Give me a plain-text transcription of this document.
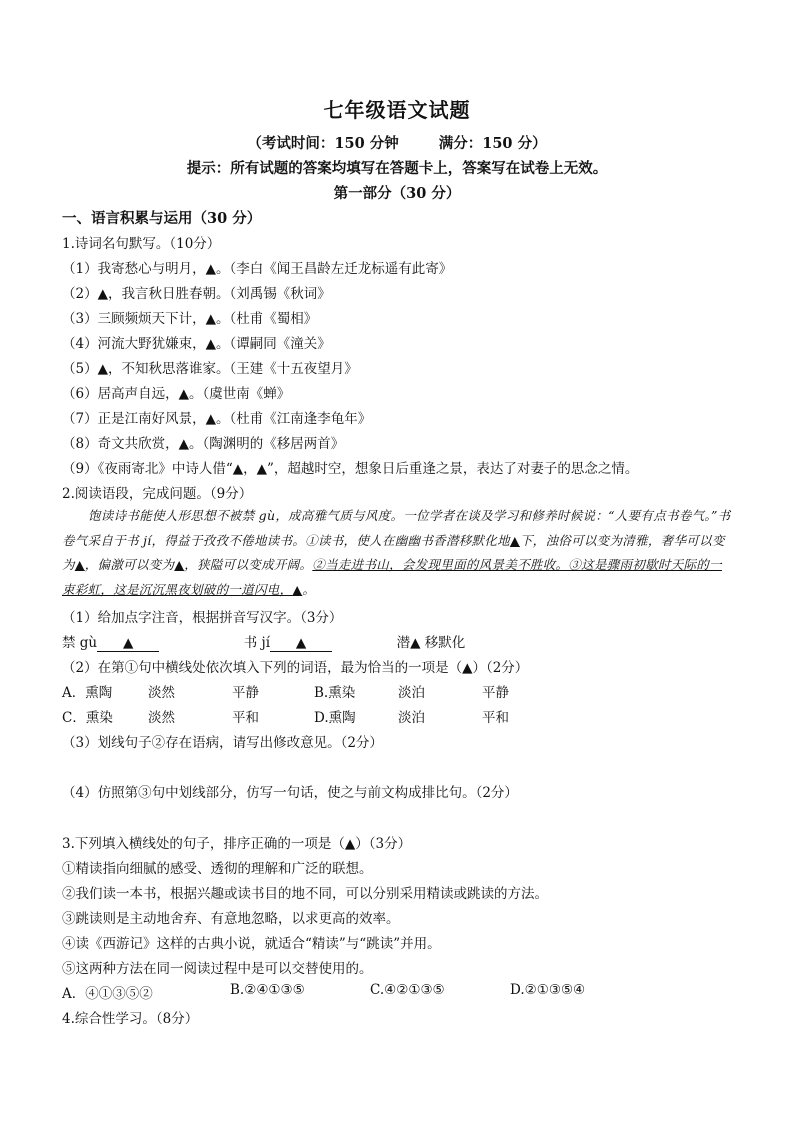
七年级语文试题
（考试时间：150 分钟	满分：150 分）
提示：所有试题的答案均填写在答题卡上，答案写在试卷上无效。
第一部分（30 分）
一、语言积累与运用（30 分）
1.诗词名句默写。（10分）
（1）我寄愁心与明月，▲。（李白《闻王昌龄左迁龙标遥有此寄》
（2）▲，我言秋日胜春朝。（刘禹锡《秋词》
（3）三顾频烦天下计，▲。（杜甫《蜀相》
（4）河流大野犹嫌束，▲。（谭嗣同《潼关》
（5）▲，不知秋思落谁家。（王建《十五夜望月》
（6）居高声自远，▲。（虞世南《蝉》
（7）正是江南好风景，▲。（杜甫《江南逢李龟年》
（8）奇文共欣赏，▲。（陶渊明的《移居两首》
（9）《夜雨寄北》中诗人借“▲，▲”，超越时空，想象日后重逢之景，表达了对妻子的思念之情。
2.阅读语段，完成问题。（9分）
饱读诗书能使人形思想不被禁 gù，成高雅气质与风度。一位学者在谈及学习和修养时候说：“人要有点书卷气。”书卷气采自于书 jí，得益于孜孜不倦地读书。①读书，使人在幽幽书香潜移默化地▲下，浊俗可以变为清雅，奢华可以变为▲，偏激可以变为▲，狭隘可以变成开阔。②当走进书山，会发现里面的风景美不胜收。③这是骤雨初歇时天际的一束彩虹，这是沉沉黑夜划破的一道闪电，▲。
（1）给加点字注音，根据拼音写汉字。（3分）
禁 gù ▲	书 jí ▲	潜▲ 移默化
（2）在第①句中横线处依次填入下列的词语，最为恰当的一项是（▲）（2分）
A．熏陶	淡然	平静	B.熏染	淡泊	平静
C．熏染	淡然	平和	D.熏陶	淡泊	平和
（3）划线句子②存在语病，请写出修改意见。（2分）
（4）仿照第③句中划线部分，仿写一句话，使之与前文构成排比句。（2分）
3.下列填入横线处的句子，排序正确的一项是（▲）（3分）
①精读指向细腻的感受、透彻的理解和广泛的联想。
②我们读一本书，根据兴趣或读书目的地不同，可以分别采用精读或跳读的方法。
③跳读则是主动地舍弃、有意地忽略，以求更高的效率。
④读《西游记》这样的古典小说，就适合“精读”与“跳读”并用。
⑤这两种方法在同一阅读过程中是可以交替使用的。
A．④①③⑤②	B.②④①③⑤	C.④②①③⑤	D.②①③⑤④
4.综合性学习。（8分）
